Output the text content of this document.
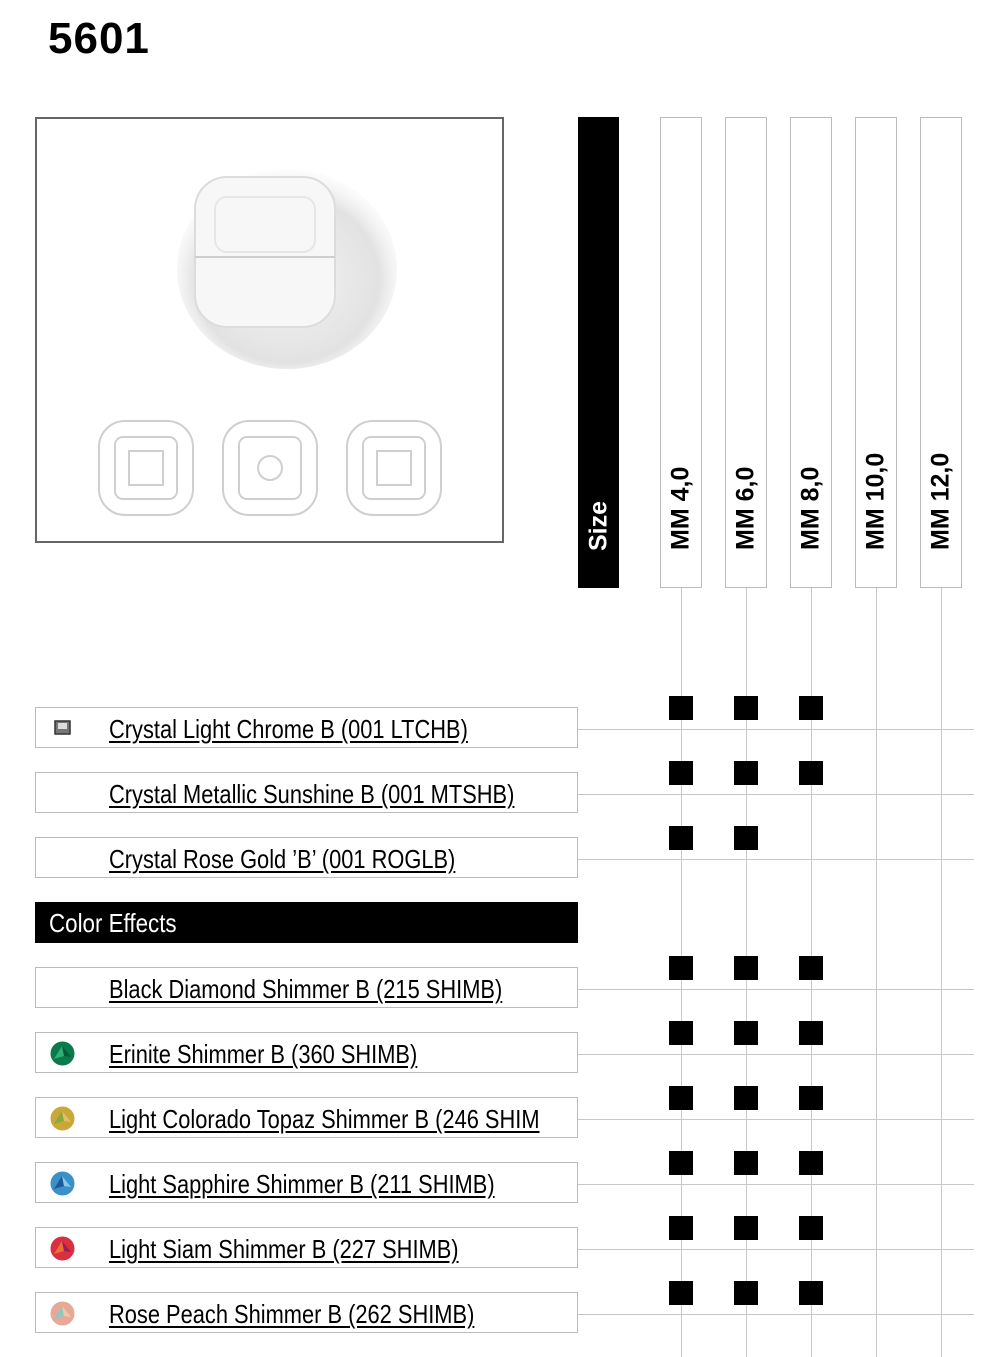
5601
Size MM 4,0 MM 6,0 MM 8,0 MM 10,0 MM 12,0
Color Effects
Crystal Light Chrome B (001 LTCHB)
Crystal Metallic Sunshine B (001 MTSHB)
Crystal Rose Gold ’B’ (001 ROGLB)
Black Diamond Shimmer B (215 SHIMB)
Erinite Shimmer B (360 SHIMB)
Light Colorado Topaz Shimmer B (246 SHIM
Light Sapphire Shimmer B (211 SHIMB)
Light Siam Shimmer B (227 SHIMB)
Rose Peach Shimmer B (262 SHIMB)
